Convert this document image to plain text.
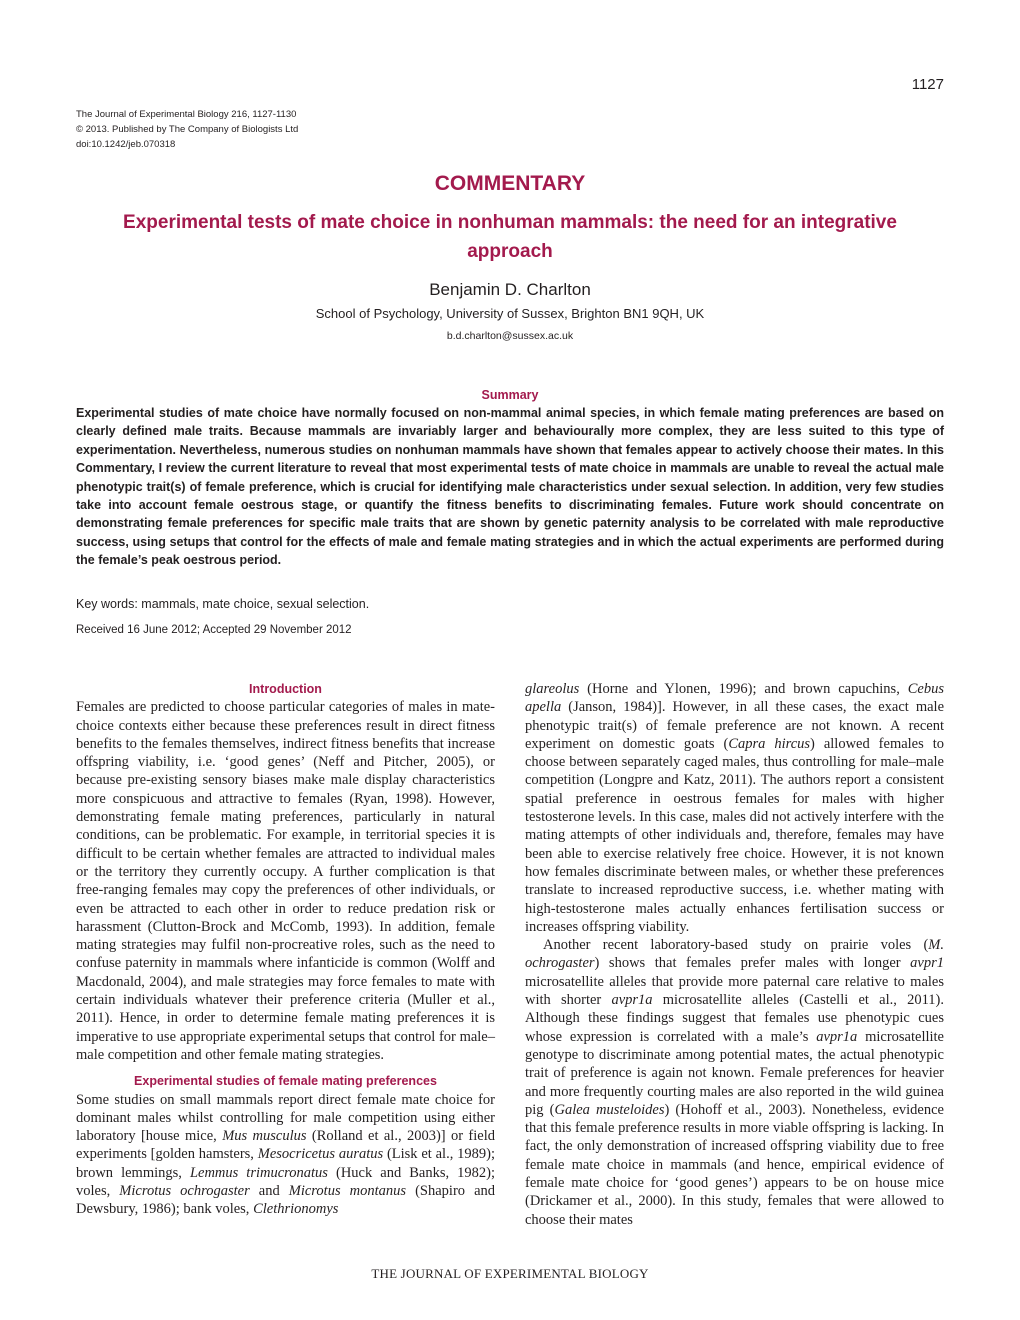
1127
The Journal of Experimental Biology 216, 1127-1130
© 2013. Published by The Company of Biologists Ltd
doi:10.1242/jeb.070318
COMMENTARY
Experimental tests of mate choice in nonhuman mammals: the need for an integrative approach
Benjamin D. Charlton
School of Psychology, University of Sussex, Brighton BN1 9QH, UK
b.d.charlton@sussex.ac.uk
Summary
Experimental studies of mate choice have normally focused on non-mammal animal species, in which female mating preferences are based on clearly defined male traits. Because mammals are invariably larger and behaviourally more complex, they are less suited to this type of experimentation. Nevertheless, numerous studies on nonhuman mammals have shown that females appear to actively choose their mates. In this Commentary, I review the current literature to reveal that most experimental tests of mate choice in mammals are unable to reveal the actual male phenotypic trait(s) of female preference, which is crucial for identifying male characteristics under sexual selection. In addition, very few studies take into account female oestrous stage, or quantify the fitness benefits to discriminating females. Future work should concentrate on demonstrating female preferences for specific male traits that are shown by genetic paternity analysis to be correlated with male reproductive success, using setups that control for the effects of male and female mating strategies and in which the actual experiments are performed during the female’s peak oestrous period.
Key words: mammals, mate choice, sexual selection.
Received 16 June 2012; Accepted 29 November 2012
Introduction

Females are predicted to choose particular categories of males in mate-choice contexts either because these preferences result in direct fitness benefits to the females themselves, indirect fitness benefits that increase offspring viability, i.e. ‘good genes’ (Neff and Pitcher, 2005), or because pre-existing sensory biases make male display characteristics more conspicuous and attractive to females (Ryan, 1998). However, demonstrating female mating preferences, particularly in natural conditions, can be problematic. For example, in territorial species it is difficult to be certain whether females are attracted to individual males or the territory they currently occupy. A further complication is that free-ranging females may copy the preferences of other individuals, or even be attracted to each other in order to reduce predation risk or harassment (Clutton-Brock and McComb, 1993). In addition, female mating strategies may fulfil non-procreative roles, such as the need to confuse paternity in mammals where infanticide is common (Wolff and Macdonald, 2004), and male strategies may force females to mate with certain individuals whatever their preference criteria (Muller et al., 2011). Hence, in order to determine female mating preferences it is imperative to use appropriate experimental setups that control for male–male competition and other female mating strategies.

Experimental studies of female mating preferences

Some studies on small mammals report direct female mate choice for dominant males whilst controlling for male competition using either laboratory [house mice, Mus musculus (Rolland et al., 2003)] or field experiments [golden hamsters, Mesocricetus auratus (Lisk et al., 1989); brown lemmings, Lemmus trimucronatus (Huck and Banks, 1982); voles, Microtus ochrogaster and Microtus montanus (Shapiro and Dewsbury, 1986); bank voles, Clethrionomys

glareolus (Horne and Ylonen, 1996); and brown capuchins, Cebus apella (Janson, 1984)]. However, in all these cases, the exact male phenotypic trait(s) of female preference are not known. A recent experiment on domestic goats (Capra hircus) allowed females to choose between separately caged males, thus controlling for male–male competition (Longpre and Katz, 2011). The authors report a consistent spatial preference in oestrous females for males with higher testosterone levels. In this case, males did not actively interfere with the mating attempts of other individuals and, therefore, females may have been able to exercise relatively free choice. However, it is not known how females discriminate between males, or whether these preferences translate to increased reproductive success, i.e. whether mating with high-testosterone males actually enhances fertilisation success or increases offspring viability.

Another recent laboratory-based study on prairie voles (M. ochrogaster) shows that females prefer males with longer avpr1 microsatellite alleles that provide more paternal care relative to males with shorter avpr1a microsatellite alleles (Castelli et al., 2011). Although these findings suggest that females use phenotypic cues whose expression is correlated with a male’s avpr1a microsatellite genotype to discriminate among potential mates, the actual phenotypic trait of preference is again not known. Female preferences for heavier and more frequently courting males are also reported in the wild guinea pig (Galea musteloides) (Hohoff et al., 2003). Nonetheless, evidence that this female preference results in more viable offspring is lacking. In fact, the only demonstration of increased offspring viability due to free female mate choice in mammals (and hence, empirical evidence of female mate choice for ‘good genes’) appears to be on house mice (Drickamer et al., 2000). In this study, females that were allowed to choose their mates

THE JOURNAL OF EXPERIMENTAL BIOLOGY
